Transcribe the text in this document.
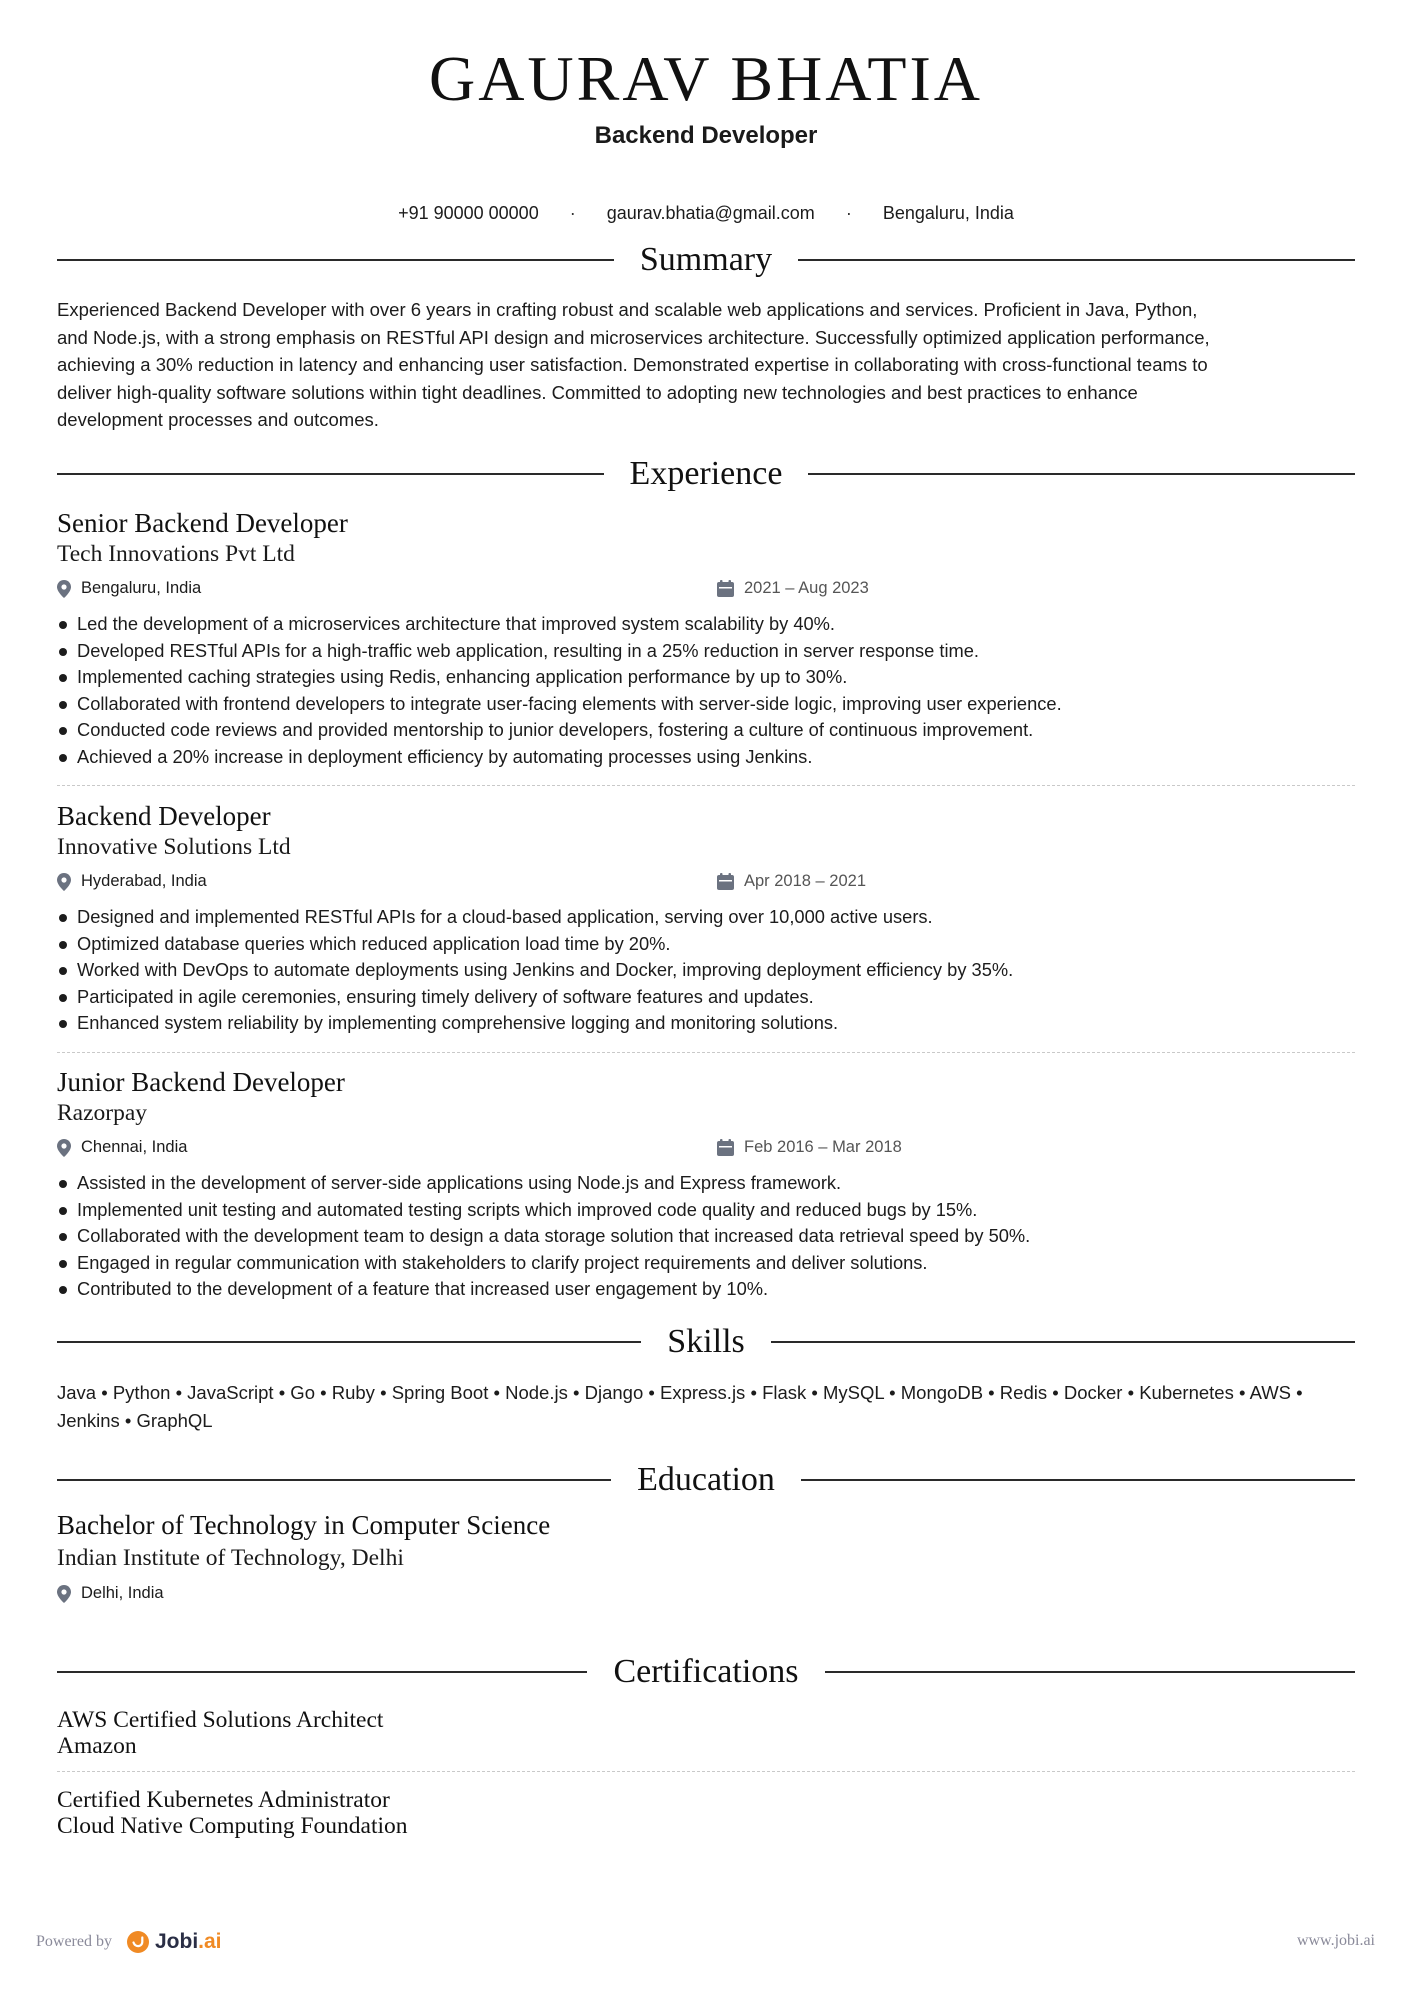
GAURAV BHATIA
Backend Developer
+91 90000 00000 · gaurav.bhatia@gmail.com · Bengaluru, India
Summary
Experienced Backend Developer with over 6 years in crafting robust and scalable web applications and services. Proficient in Java, Python,
and Node.js, with a strong emphasis on RESTful API design and microservices architecture. Successfully optimized application performance,
achieving a 30% reduction in latency and enhancing user satisfaction. Demonstrated expertise in collaborating with cross-functional teams to
deliver high-quality software solutions within tight deadlines. Committed to adopting new technologies and best practices to enhance
development processes and outcomes.
Experience
Senior Backend Developer
Tech Innovations Pvt Ltd
Bengaluru, India	2021 – Aug 2023
Led the development of a microservices architecture that improved system scalability by 40%.
Developed RESTful APIs for a high-traffic web application, resulting in a 25% reduction in server response time.
Implemented caching strategies using Redis, enhancing application performance by up to 30%.
Collaborated with frontend developers to integrate user-facing elements with server-side logic, improving user experience.
Conducted code reviews and provided mentorship to junior developers, fostering a culture of continuous improvement.
Achieved a 20% increase in deployment efficiency by automating processes using Jenkins.
Backend Developer
Innovative Solutions Ltd
Hyderabad, India	Apr 2018 – 2021
Designed and implemented RESTful APIs for a cloud-based application, serving over 10,000 active users.
Optimized database queries which reduced application load time by 20%.
Worked with DevOps to automate deployments using Jenkins and Docker, improving deployment efficiency by 35%.
Participated in agile ceremonies, ensuring timely delivery of software features and updates.
Enhanced system reliability by implementing comprehensive logging and monitoring solutions.
Junior Backend Developer
Razorpay
Chennai, India	Feb 2016 – Mar 2018
Assisted in the development of server-side applications using Node.js and Express framework.
Implemented unit testing and automated testing scripts which improved code quality and reduced bugs by 15%.
Collaborated with the development team to design a data storage solution that increased data retrieval speed by 50%.
Engaged in regular communication with stakeholders to clarify project requirements and deliver solutions.
Contributed to the development of a feature that increased user engagement by 10%.
Skills
Java • Python • JavaScript • Go • Ruby • Spring Boot • Node.js • Django • Express.js • Flask • MySQL • MongoDB • Redis • Docker • Kubernetes • AWS •
Jenkins • GraphQL
Education
Bachelor of Technology in Computer Science
Indian Institute of Technology, Delhi
Delhi, India
Certifications
AWS Certified Solutions Architect
Amazon
Certified Kubernetes Administrator
Cloud Native Computing Foundation
Powered by Jobi .ai	www.jobi.ai
